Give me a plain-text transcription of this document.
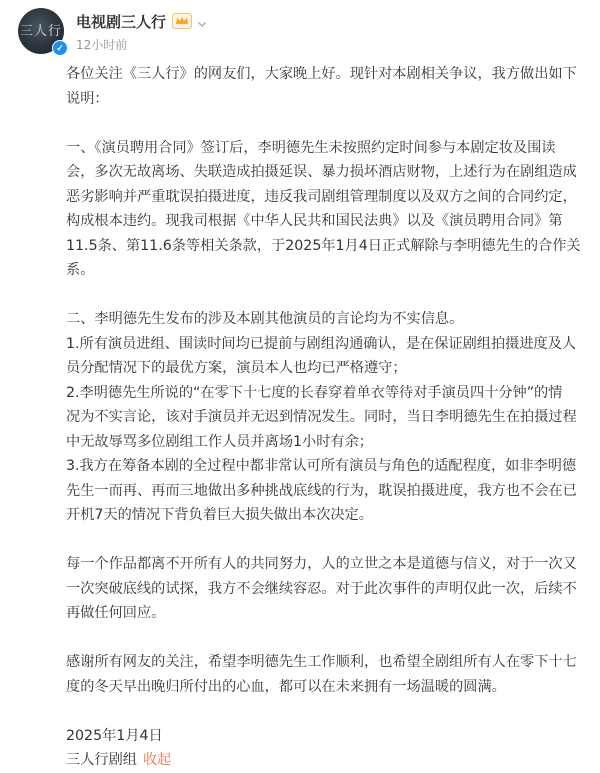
三人行
✓
电视剧三人行
12小时前

各位关注《三人行》的网友们，大家晚上好。现针对本剧相关争议，我方做出如下

说明：

一、《演员聘用合同》签订后，李明德先生未按照约定时间参与本剧定妆及围读

会，多次无故离场、失联造成拍摄延误、暴力损坏酒店财物，上述行为在剧组造成

恶劣影响并严重耽误拍摄进度，违反我司剧组管理制度以及双方之间的合同约定，

构成根本违约。现我司根据《中华人民共和国民法典》以及《演员聘用合同》第

11.5条、第11.6条等相关条款，于2025年1月4日正式解除与李明德先生的合作关

系。

二、李明德先生发布的涉及本剧其他演员的言论均为不实信息。

1.所有演员进组、围读时间均已提前与剧组沟通确认，是在保证剧组拍摄进度及人

员分配情况下的最优方案，演员本人也均已严格遵守；

2.李明德先生所说的“在零下十七度的长春穿着单衣等待对手演员四十分钟”的情

况为不实言论，该对手演员并无迟到情况发生。同时，当日李明德先生在拍摄过程

中无故辱骂多位剧组工作人员并离场1小时有余；

3.我方在筹备本剧的全过程中都非常认可所有演员与角色的适配程度，如非李明德

先生一而再、再而三地做出多种挑战底线的行为，耽误拍摄进度，我方也不会在已

开机7天的情况下背负着巨大损失做出本次决定。

每一个作品都离不开所有人的共同努力，人的立世之本是道德与信义，对于一次又

一次突破底线的试探，我方不会继续容忍。对于此次事件的声明仅此一次，后续不

再做任何回应。

感谢所有网友的关注，希望李明德先生工作顺利，也希望全剧组所有人在零下十七

度的冬天早出晚归所付出的心血，都可以在未来拥有一场温暖的圆满。

2025年1月4日
三人行剧组 收起
